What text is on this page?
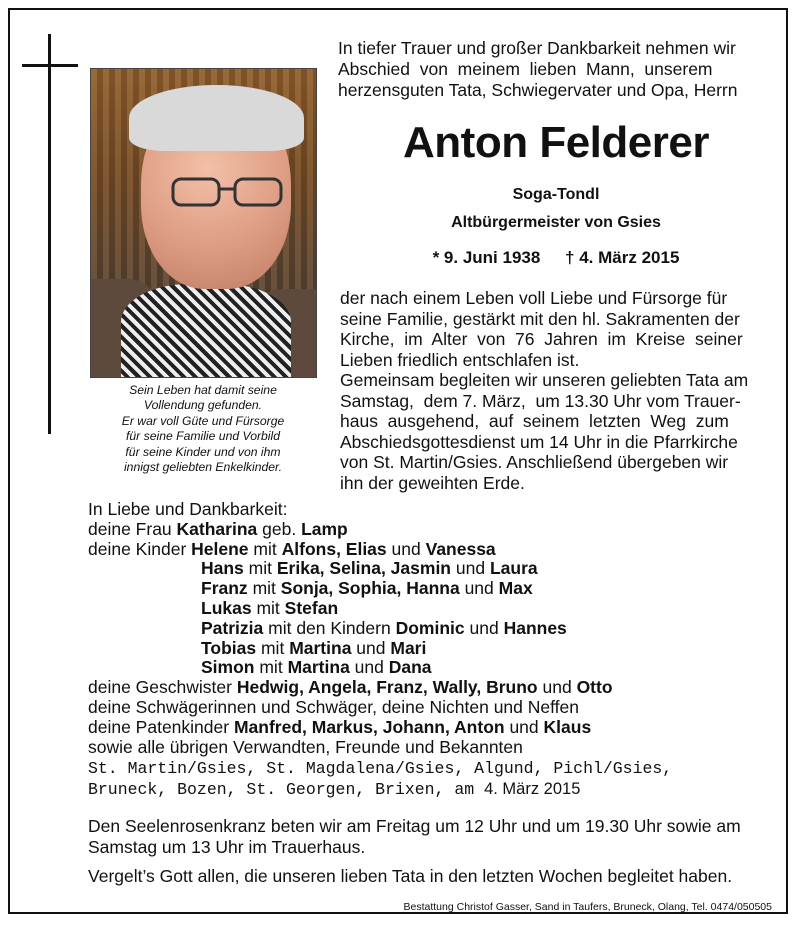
Sein Leben hat damit seine
Vollendung gefunden.
Er war voll Güte und Fürsorge
für seine Familie und Vorbild
für seine Kinder und von ihm
innigst geliebten Enkelkinder.
In tiefer Trauer und großer Dankbarkeit nehmen wir
Abschied  von  meinem  lieben  Mann,  unserem
herzensguten Tata, Schwiegervater und Opa, Herrn
Anton Felderer
Soga-Tondl
Altbürgermeister von Gsies
* 9. Juni 1938 † 4. März 2015
der nach einem Leben voll Liebe und Fürsorge für
seine Familie, gestärkt mit den hl. Sakramenten der
Kirche,  im  Alter  von  76  Jahren  im  Kreise  seiner
Lieben friedlich entschlafen ist.
Gemeinsam begleiten wir unseren geliebten Tata am
Samstag,  dem 7. März,  um 13.30 Uhr vom Trauer-
haus  ausgehend,  auf  seinem  letzten  Weg  zum
Abschiedsgottesdienst um 14 Uhr in die Pfarrkirche
von St. Martin/Gsies. Anschließend übergeben wir
ihn der geweihten Erde.
In Liebe und Dankbarkeit:
deine Frau Katharina geb. Lamp
deine Kinder Helene mit Alfons, Elias und Vanessa
Hans mit Erika, Selina, Jasmin und Laura
Franz mit Sonja, Sophia, Hanna und Max
Lukas mit Stefan
Patrizia mit den Kindern Dominic und Hannes
Tobias mit Martina und Mari
Simon mit Martina und Dana
deine Geschwister Hedwig, Angela, Franz, Wally, Bruno und Otto
deine Schwägerinnen und Schwäger, deine Nichten und Neffen
deine Patenkinder Manfred, Markus, Johann, Anton und Klaus
sowie alle übrigen Verwandten, Freunde und Bekannten
St. Martin/Gsies, St. Magdalena/Gsies, Algund, Pichl/Gsies,
Bruneck, Bozen, St. Georgen, Brixen, am 4. März 2015
Den Seelenrosenkranz beten wir am Freitag um 12 Uhr und um 19.30 Uhr sowie am
Samstag um 13 Uhr im Trauerhaus.
Vergelt’s Gott allen, die unseren lieben Tata in den letzten Wochen begleitet haben.
Bestattung Christof Gasser, Sand in Taufers, Bruneck, Olang, Tel. 0474/050505
